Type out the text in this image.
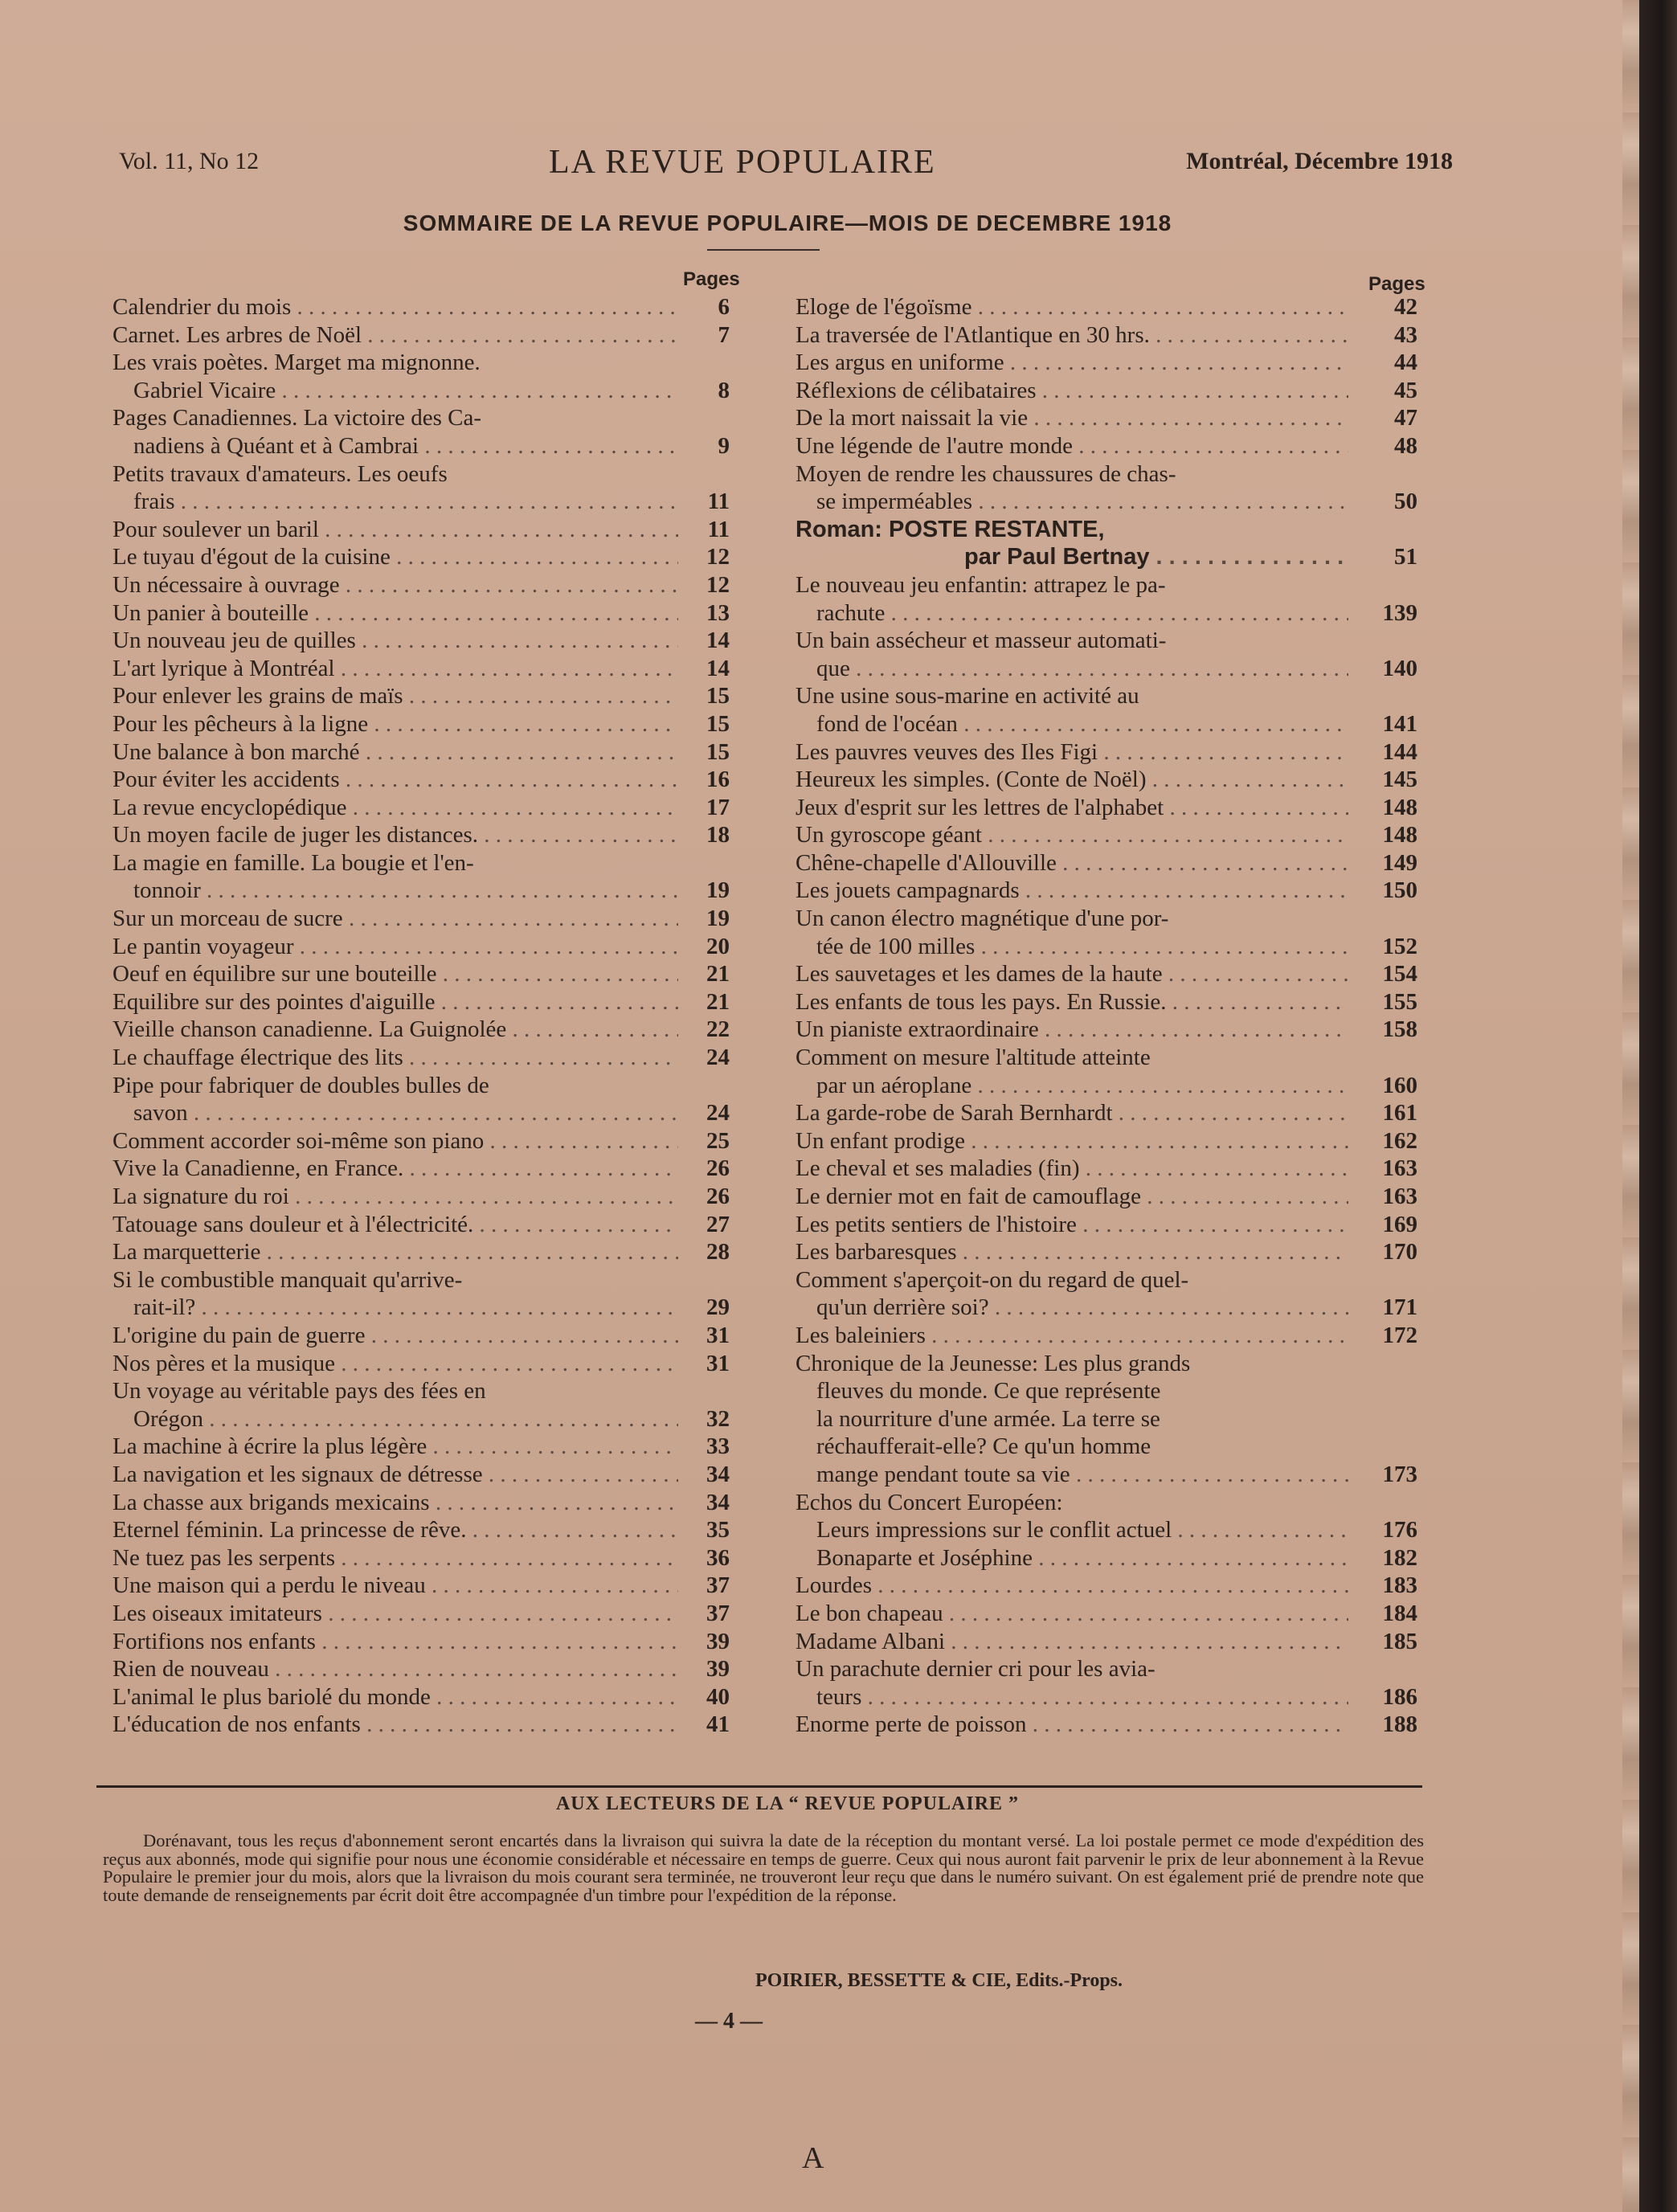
Vol. 11, No 12	LA REVUE POPULAIRE	Montréal, Décembre 1918
SOMMAIRE DE LA REVUE POPULAIRE—MOIS DE DECEMBRE 1918
Pages	Pages
Calendrier du mois . . .	6
Carnet. Les arbres de Noël . . .	7
Les vrais poètes. Marget ma mignonne.
Gabriel Vicaire . . .	8
Pages Canadiennes. La victoire des Ca-
nadiens à Quéant et à Cambrai . . .	9
Petits travaux d'amateurs. Les oeufs
frais . . .	11
Pour soulever un baril . . .	11
Le tuyau d'égout de la cuisine . . .	12
Un nécessaire à ouvrage . . .	12
Un panier à bouteille . . .	13
Un nouveau jeu de quilles . . .	14
L'art lyrique à Montréal . . .	14
Pour enlever les grains de maïs . . .	15
Pour les pêcheurs à la ligne . . .	15
Une balance à bon marché . . .	15
Pour éviter les accidents . . .	16
La revue encyclopédique . . .	17
Un moyen facile de juger les distances. . . .	18
La magie en famille. La bougie et l'en-
tonnoir . . .	19
Sur un morceau de sucre . . .	19
Le pantin voyageur . . .	20
Oeuf en équilibre sur une bouteille . . .	21
Equilibre sur des pointes d'aiguille . . .	21
Vieille chanson canadienne. La Guignolée . . .	22
Le chauffage électrique des lits . . .	24
Pipe pour fabriquer de doubles bulles de
savon . . .	24
Comment accorder soi-même son piano . . .	25
Vive la Canadienne, en France. . . .	26
La signature du roi . . .	26
Tatouage sans douleur et à l'électricité. . . .	27
La marquetterie . . .	28
Si le combustible manquait qu'arrive-
rait-il? . . .	29
L'origine du pain de guerre . . .	31
Nos pères et la musique . . .	31
Un voyage au véritable pays des fées en
Orégon . . .	32
La machine à écrire la plus légère . . .	33
La navigation et les signaux de détresse . . .	34
La chasse aux brigands mexicains . . .	34
Eternel féminin. La princesse de rêve. . . .	35
Ne tuez pas les serpents . . .	36
Une maison qui a perdu le niveau . . .	37
Les oiseaux imitateurs . . .	37
Fortifions nos enfants . . .	39
Rien de nouveau . . .	39
L'animal le plus bariolé du monde . . .	40
L'éducation de nos enfants . . .	41
Eloge de l'égoïsme . . .	42
La traversée de l'Atlantique en 30 hrs. . . .	43
Les argus en uniforme . . .	44
Réflexions de célibataires . . .	45
De la mort naissait la vie . . .	47
Une légende de l'autre monde . . .	48
Moyen de rendre les chaussures de chas-
se imperméables . . .	50
Roman: POSTE RESTANTE,
par Paul Bertnay . . .	51
Le nouveau jeu enfantin: attrapez le pa-
rachute . . .	139
Un bain assécheur et masseur automati-
que . . .	140
Une usine sous-marine en activité au
fond de l'océan . . .	141
Les pauvres veuves des Iles Figi . . .	144
Heureux les simples. (Conte de Noël) . . .	145
Jeux d'esprit sur les lettres de l'alphabet . . .	148
Un gyroscope géant . . .	148
Chêne-chapelle d'Allouville . . .	149
Les jouets campagnards . . .	150
Un canon électro magnétique d'une por-
tée de 100 milles . . .	152
Les sauvetages et les dames de la haute . . .	154
Les enfants de tous les pays. En Russie. . . .	155
Un pianiste extraordinaire . . .	158
Comment on mesure l'altitude atteinte
par un aéroplane . . .	160
La garde-robe de Sarah Bernhardt . . .	161
Un enfant prodige . . .	162
Le cheval et ses maladies (fin) . . .	163
Le dernier mot en fait de camouflage . . .	163
Les petits sentiers de l'histoire . . .	169
Les barbaresques . . .	170
Comment s'aperçoit-on du regard de quel-
qu'un derrière soi? . . .	171
Les baleiniers . . .	172
Chronique de la Jeunesse: Les plus grands
fleuves du monde. Ce que représente
la nourriture d'une armée. La terre se
réchaufferait-elle? Ce qu'un homme
mange pendant toute sa vie . . .	173
Echos du Concert Européen:
Leurs impressions sur le conflit actuel . . .	176
Bonaparte et Joséphine . . .	182
Lourdes . . .	183
Le bon chapeau . . .	184
Madame Albani . . .	185
Un parachute dernier cri pour les avia-
teurs . . .	186
Enorme perte de poisson . . .	188
AUX LECTEURS DE LA “ REVUE POPULAIRE ”
Dorénavant, tous les reçus d'abonnement seront encartés dans la livraison qui suivra la date de la réception du montant versé. La loi postale permet ce mode d'expédition des reçus aux abonnés, mode qui signifie pour nous une économie considérable et nécessaire en temps de guerre. Ceux qui nous auront fait parvenir le prix de leur abonnement à la Revue Populaire le premier jour du mois, alors que la livraison du mois courant sera terminée, ne trouveront leur reçu que dans le numéro suivant. On est également prié de prendre note que toute demande de renseignements par écrit doit être accompagnée d'un timbre pour l'expédition de la réponse.
POIRIER, BESSETTE & CIE, Edits.-Props.
— 4 —
A
